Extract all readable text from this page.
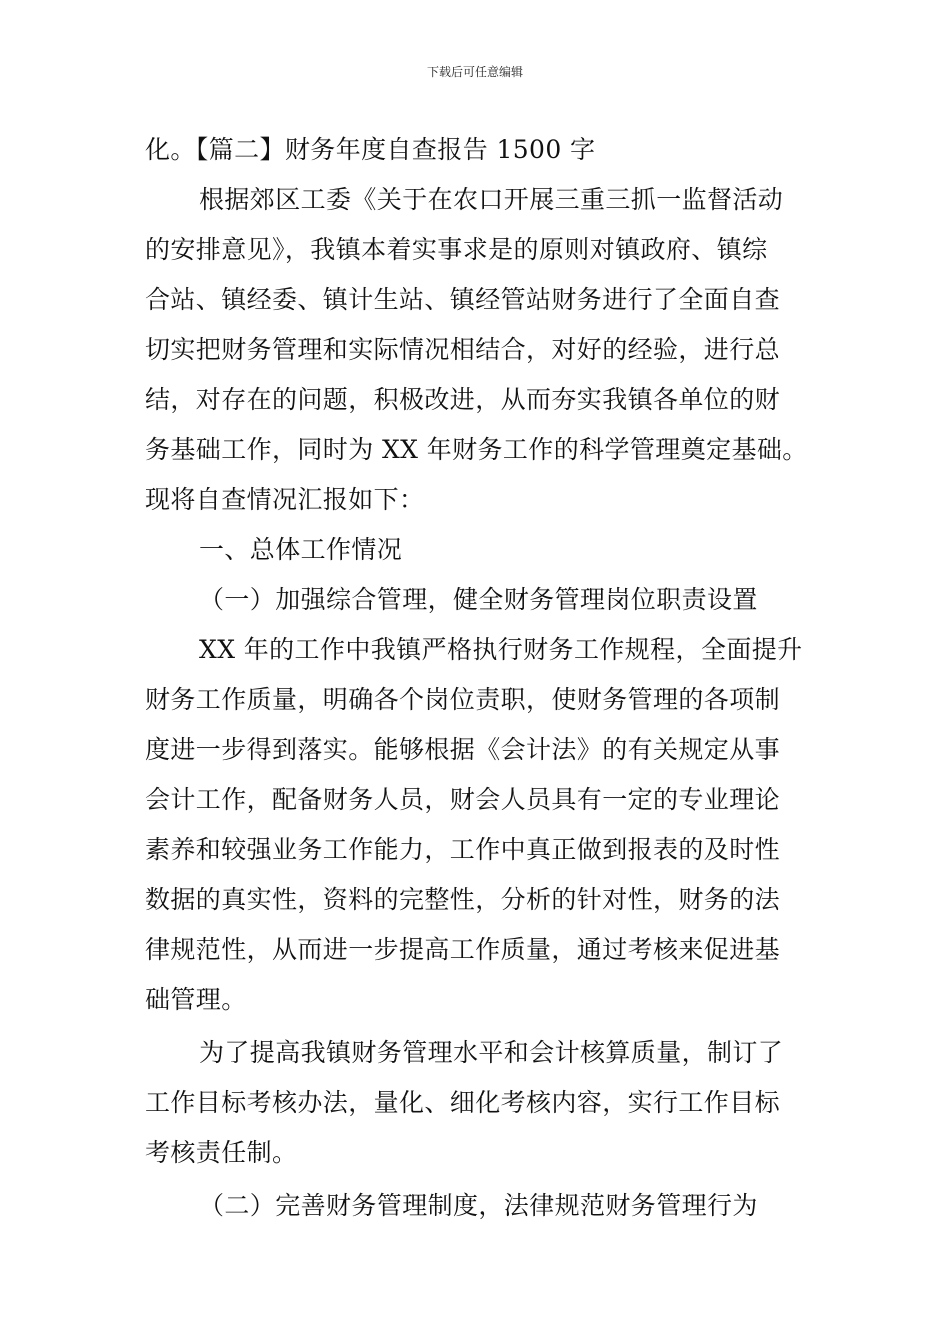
下载后可任意编辑
化。【篇二】财务年度自查报告 1500 字
根据郊区工委《关于在农口开展三重三抓一监督活动
的安排意见》，我镇本着实事求是的原则对镇政府、镇综
合站、镇经委、镇计生站、镇经管站财务进行了全面自查
切实把财务管理和实际情况相结合，对好的经验，进行总
结，对存在的问题，积极改进，从而夯实我镇各单位的财
务基础工作，同时为 XX 年财务工作的科学管理奠定基础。
现将自查情况汇报如下：
一、总体工作情况
（一）加强综合管理，健全财务管理岗位职责设置
XX 年的工作中我镇严格执行财务工作规程，全面提升
财务工作质量，明确各个岗位责职，使财务管理的各项制
度进一步得到落实。能够根据《会计法》的有关规定从事
会计工作，配备财务人员，财会人员具有一定的专业理论
素养和较强业务工作能力，工作中真正做到报表的及时性
数据的真实性，资料的完整性，分析的针对性，财务的法
律规范性，从而进一步提高工作质量，通过考核来促进基
础管理。
为了提高我镇财务管理水平和会计核算质量，制订了
工作目标考核办法，量化、细化考核内容，实行工作目标
考核责任制。
（二）完善财务管理制度，法律规范财务管理行为
